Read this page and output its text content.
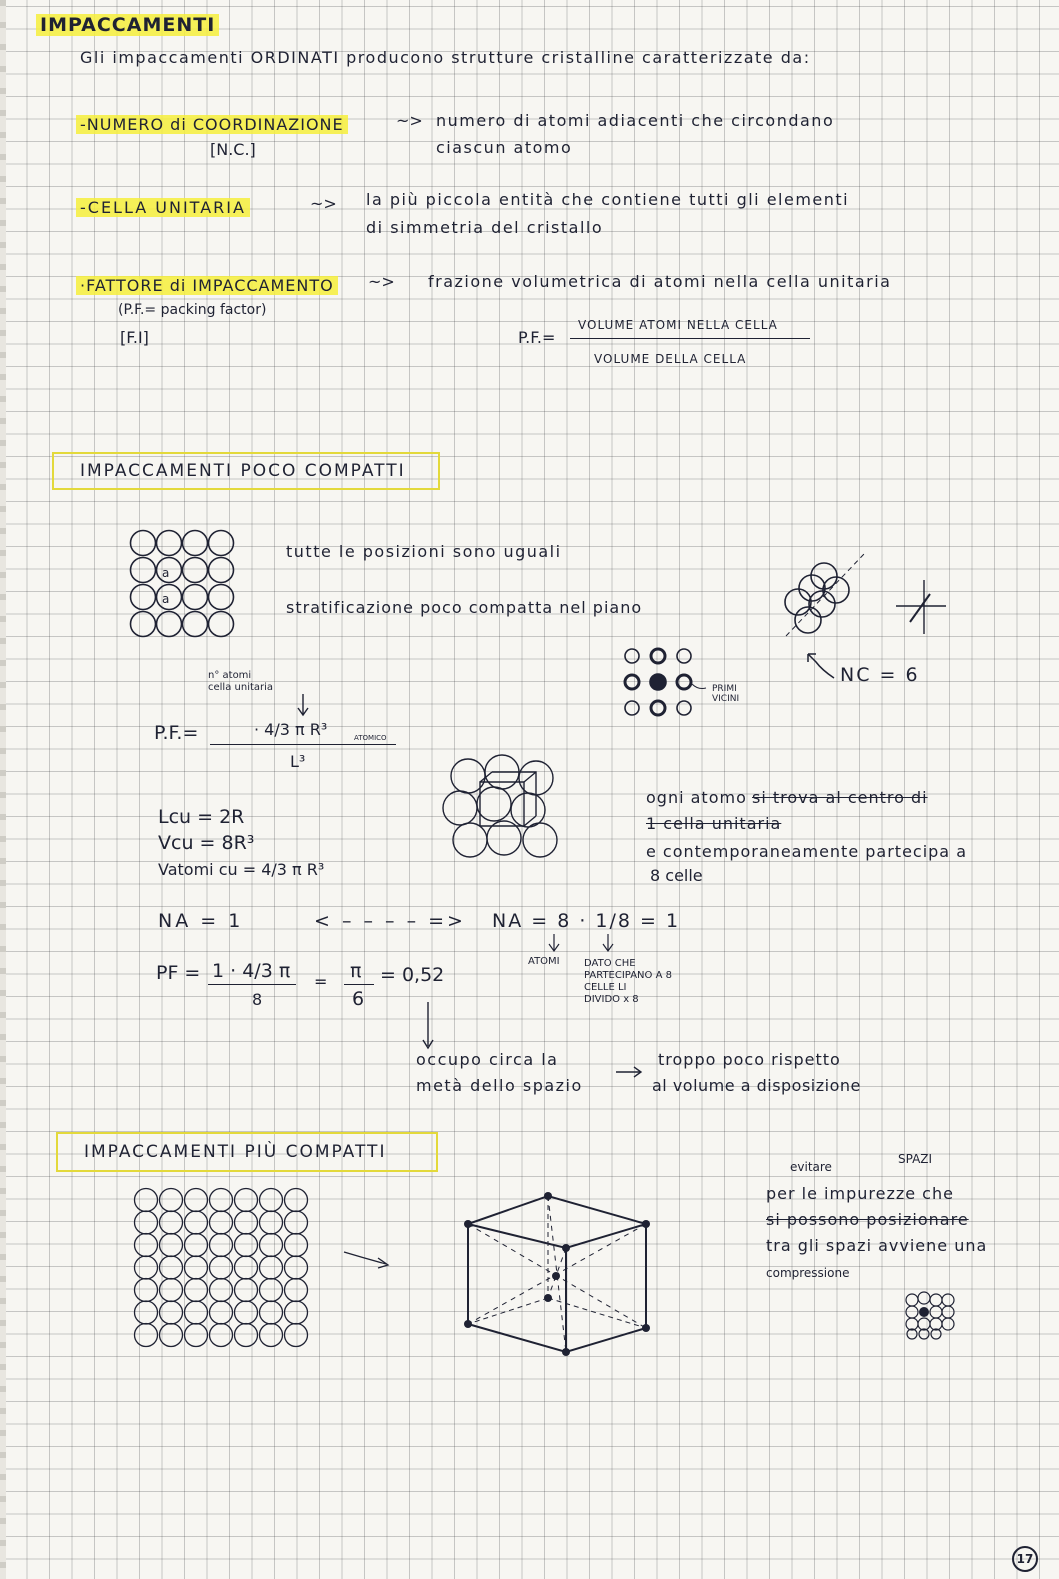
IMPACCAMENTI
Gli impaccamenti ORDINATI producono strutture cristalline caratterizzate da:
-NUMERO di COORDINAZIONE
[N.C.]
~> numero di atomi adiacenti che circondano
ciascun atomo
-CELLA UNITARIA	~> la più piccola entità che contiene tutti gli elementi
di simmetria del cristallo
·FATTORE di IMPACCAMENTO ~> frazione volumetrica di atomi nella cella unitaria
(P.F.= packing factor)
[F.I]	P.F.=
VOLUME ATOMI NELLA CELLA
VOLUME DELLA CELLA
IMPACCAMENTI POCO COMPATTI
a
a
tutte le posizioni sono uguali
stratificazione poco compatta nel piano
NC = 6
PRIMI VICINI
n° atomi
cella unitaria
P.F.=	· 4/3 π R³	ATOMICO
L³
ogni atomo si trova al centro di
1 cella unitaria
e contemporaneamente partecipa a
8 celle
Lcu = 2R
Vcu = 8R³
Vatomi cu = 4/3 π R³
NA = 1	< – – – – => NA = 8 · 1/8 = 1
ATOMI DATO CHE
PARTECIPANO A 8
CELLE LI
DIVIDO x 8
PF = 1 · 4/3 π
8
= π
6
= 0,52
occupo circa la
metà dello spazio
troppo poco rispetto
al volume a disposizione
IMPACCAMENTI PIÙ COMPATTI
evitare
SPAZI
per le impurezze che
si possono posizionare
tra gli spazi avviene una
compressione
17
